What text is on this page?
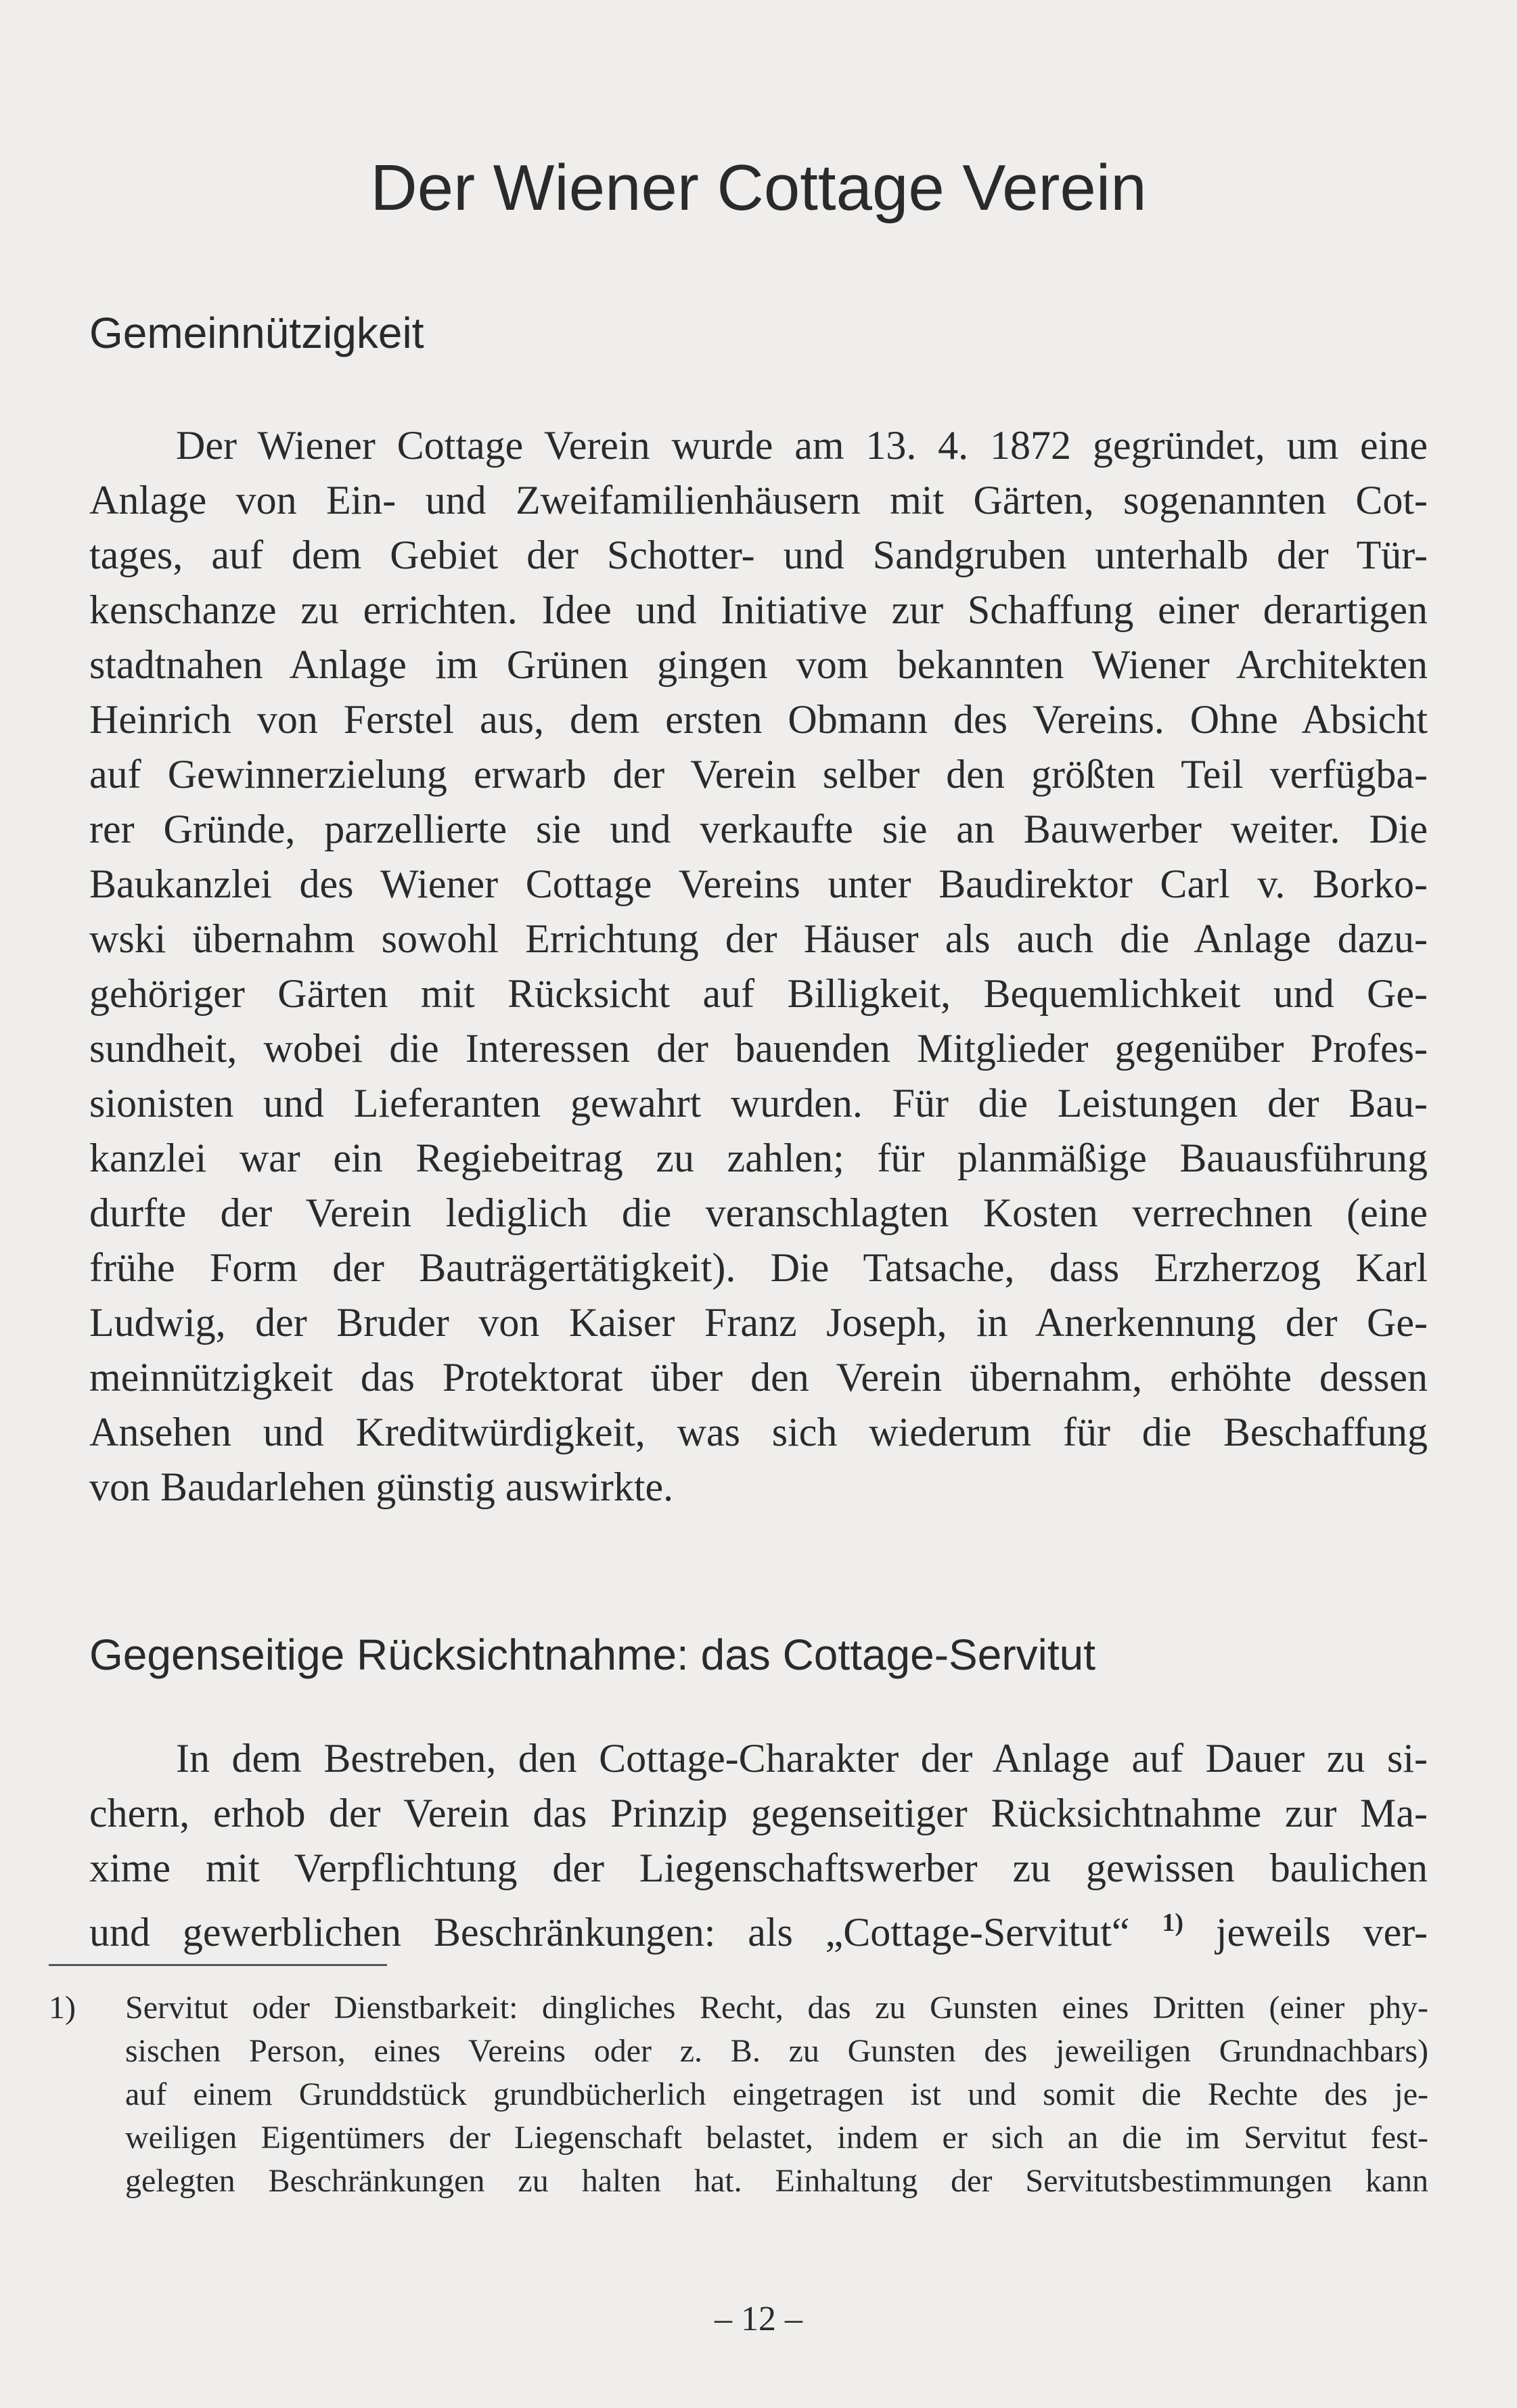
Der Wiener Cottage Verein
Gemeinnützigkeit
Der Wiener Cottage Verein wurde am 13. 4. 1872 gegründet, um eine
Anlage von Ein- und Zweifamilienhäusern mit Gärten, sogenannten Cot-
tages, auf dem Gebiet der Schotter- und Sandgruben unterhalb der Tür-
kenschanze zu errichten. Idee und Initiative zur Schaffung einer derartigen
stadtnahen Anlage im Grünen gingen vom bekannten Wiener Architekten
Heinrich von Ferstel aus, dem ersten Obmann des Vereins. Ohne Absicht
auf Gewinnerzielung erwarb der Verein selber den größten Teil verfügba-
rer Gründe, parzellierte sie und verkaufte sie an Bauwerber weiter. Die
Baukanzlei des Wiener Cottage Vereins unter Baudirektor Carl v. Borko-
wski übernahm sowohl Errichtung der Häuser als auch die Anlage dazu-
gehöriger Gärten mit Rücksicht auf Billigkeit, Bequemlichkeit und Ge-
sundheit, wobei die Interessen der bauenden Mitglieder gegenüber Profes-
sionisten und Lieferanten gewahrt wurden. Für die Leistungen der Bau-
kanzlei war ein Regiebeitrag zu zahlen; für planmäßige Bauausführung
durfte der Verein lediglich die veranschlagten Kosten verrechnen (eine
frühe Form der Bauträgertätigkeit). Die Tatsache, dass Erzherzog Karl
Ludwig, der Bruder von Kaiser Franz Joseph, in Anerkennung der Ge-
meinnützigkeit das Protektorat über den Verein übernahm, erhöhte dessen
Ansehen und Kreditwürdigkeit, was sich wiederum für die Beschaffung
von Baudarlehen günstig auswirkte.
Gegenseitige Rücksichtnahme: das Cottage-Servitut
In dem Bestreben, den Cottage-Charakter der Anlage auf Dauer zu si-
chern, erhob der Verein das Prinzip gegenseitiger Rücksichtnahme zur Ma-
xime mit Verpflichtung der Liegenschaftswerber zu gewissen baulichen
und gewerblichen Beschränkungen: als „Cottage-Servitut“ $^{1)}$ jeweils ver-
1) Servitut oder Dienstbarkeit: dingliches Recht, das zu Gunsten eines Dritten (einer phy-
sischen Person, eines Vereins oder z. B. zu Gunsten des jeweiligen Grundnachbars)
auf einem Grunddstück grundbücherlich eingetragen ist und somit die Rechte des je-
weiligen Eigentümers der Liegenschaft belastet, indem er sich an die im Servitut fest-
gelegten Beschränkungen zu halten hat. Einhaltung der Servitutsbestimmungen kann
– 12 –
